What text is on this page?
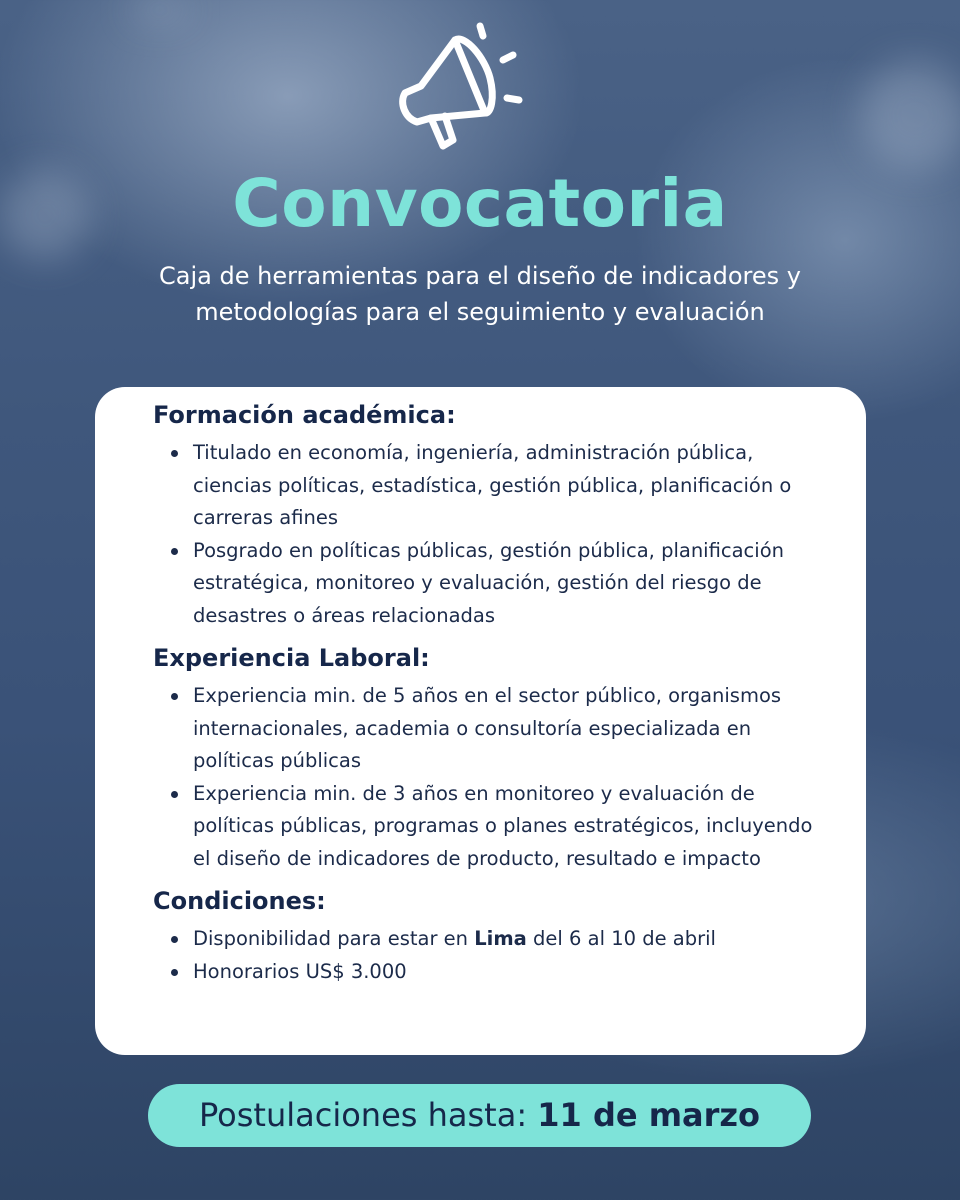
Convocatoria
Caja de herramientas para el diseño de indicadores y metodologías para el seguimiento y evaluación
Formación académica:
Titulado en economía, ingeniería, administración pública, ciencias políticas, estadística, gestión pública, planificación o carreras afines
Posgrado en políticas públicas, gestión pública, planificación estratégica, monitoreo y evaluación, gestión del riesgo de desastres o áreas relacionadas
Experiencia Laboral:
Experiencia min. de 5 años en el sector público, organismos internacionales, academia o consultoría especializada en políticas públicas
Experiencia min. de 3 años en monitoreo y evaluación de políticas públicas, programas o planes estratégicos, incluyendo el diseño de indicadores de producto, resultado e impacto
Condiciones:
Disponibilidad para estar en Lima del 6 al 10 de abril
Honorarios US$ 3.000
Postulaciones hasta: 11 de marzo
